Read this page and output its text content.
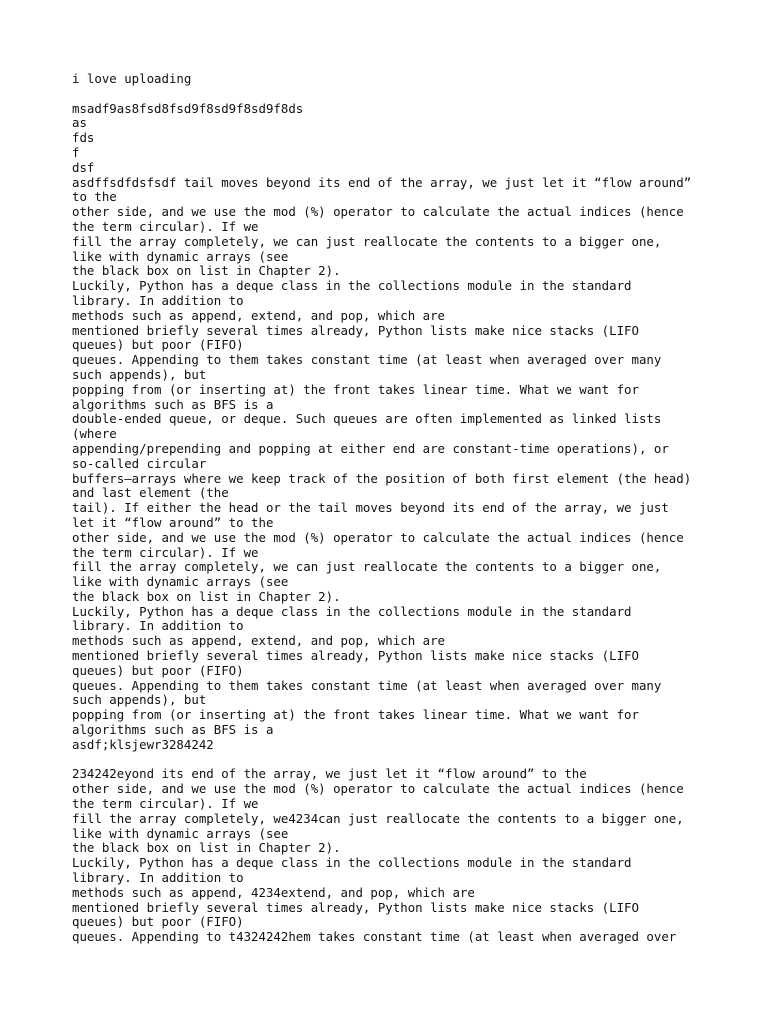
i love uploading
msadf9as8fsd8fsd9f8sd9f8sd9f8ds
as
fds
f
dsf
asdffsdfdsfsdf tail moves beyond its end of the array, we just let it “flow around”
to the
other side, and we use the mod (%) operator to calculate the actual indices (hence
the term circular). If we
fill the array completely, we can just reallocate the contents to a bigger one,
like with dynamic arrays (see
the black box on list in Chapter 2).
Luckily, Python has a deque class in the collections module in the standard
library. In addition to
methods such as append, extend, and pop, which are
mentioned briefly several times already, Python lists make nice stacks (LIFO
queues) but poor (FIFO)
queues. Appending to them takes constant time (at least when averaged over many
such appends), but
popping from (or inserting at) the front takes linear time. What we want for
algorithms such as BFS is a
double-ended queue, or deque. Such queues are often implemented as linked lists
(where
appending/prepending and popping at either end are constant-time operations), or
so-called circular
buffers—arrays where we keep track of the position of both first element (the head)
and last element (the
tail). If either the head or the tail moves beyond its end of the array, we just
let it “flow around” to the
other side, and we use the mod (%) operator to calculate the actual indices (hence
the term circular). If we
fill the array completely, we can just reallocate the contents to a bigger one,
like with dynamic arrays (see
the black box on list in Chapter 2).
Luckily, Python has a deque class in the collections module in the standard
library. In addition to
methods such as append, extend, and pop, which are
mentioned briefly several times already, Python lists make nice stacks (LIFO
queues) but poor (FIFO)
queues. Appending to them takes constant time (at least when averaged over many
such appends), but
popping from (or inserting at) the front takes linear time. What we want for
algorithms such as BFS is a
asdf;klsjewr3284242
234242eyond its end of the array, we just let it “flow around” to the
other side, and we use the mod (%) operator to calculate the actual indices (hence
the term circular). If we
fill the array completely, we4234can just reallocate the contents to a bigger one,
like with dynamic arrays (see
the black box on list in Chapter 2).
Luckily, Python has a deque class in the collections module in the standard
library. In addition to
methods such as append, 4234extend, and pop, which are
mentioned briefly several times already, Python lists make nice stacks (LIFO
queues) but poor (FIFO)
queues. Appending to t4324242hem takes constant time (at least when averaged over
